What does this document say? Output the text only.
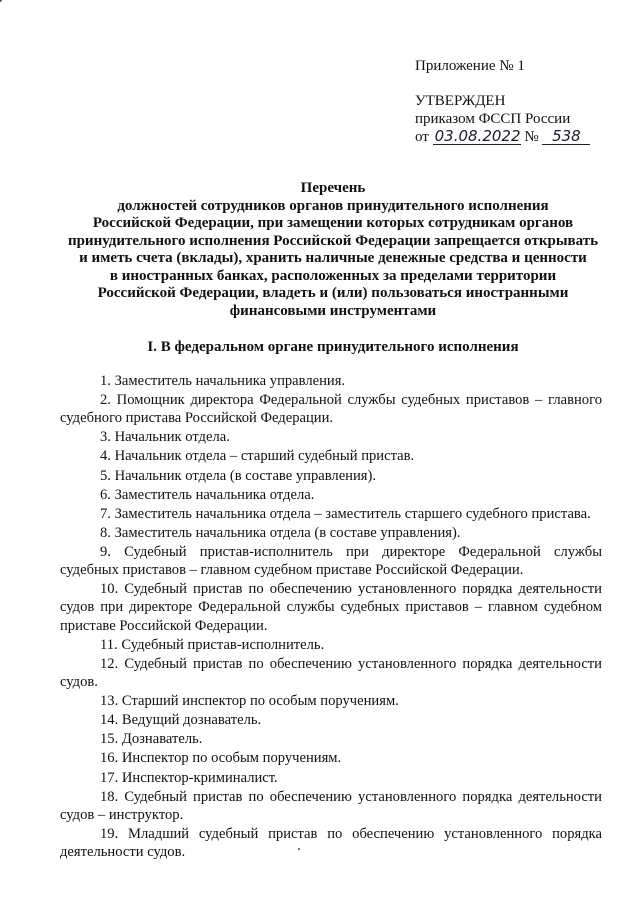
Приложение № 1
УТВЕРЖДЕН
приказом ФССП России
от 03.08.2022 № 538
Перечень
должностей сотрудников органов принудительного исполнения
Российской Федерации, при замещении которых сотрудникам органов
принудительного исполнения Российской Федерации запрещается открывать
и иметь счета (вклады), хранить наличные денежные средства и ценности
в иностранных банках, расположенных за пределами территории
Российской Федерации, владеть и (или) пользоваться иностранными
финансовыми инструментами
I. В федеральном органе принудительного исполнения

1. Заместитель начальника управления.

2. Помощник директора Федеральной службы судебных приставов – главного судебного пристава Российской Федерации.

3. Начальник отдела.

4. Начальник отдела – старший судебный пристав.

5. Начальник отдела (в составе управления).

6. Заместитель начальника отдела.

7. Заместитель начальника отдела – заместитель старшего судебного пристава.

8. Заместитель начальника отдела (в составе управления).

9. Судебный пристав-исполнитель при директоре Федеральной службы судебных приставов – главном судебном приставе Российской Федерации.

10. Судебный пристав по обеспечению установленного порядка деятельности судов при директоре Федеральной службы судебных приставов – главном судебном приставе Российской Федерации.

11. Судебный пристав-исполнитель.

12. Судебный пристав по обеспечению установленного порядка деятельности судов.

13. Старший инспектор по особым поручениям.

14. Ведущий дознаватель.

15. Дознаватель.

16. Инспектор по особым поручениям.

17. Инспектор-криминалист.

18. Судебный пристав по обеспечению установленного порядка деятельности судов – инструктор.

19. Младший судебный пристав по обеспечению установленного порядка деятельности судов.
